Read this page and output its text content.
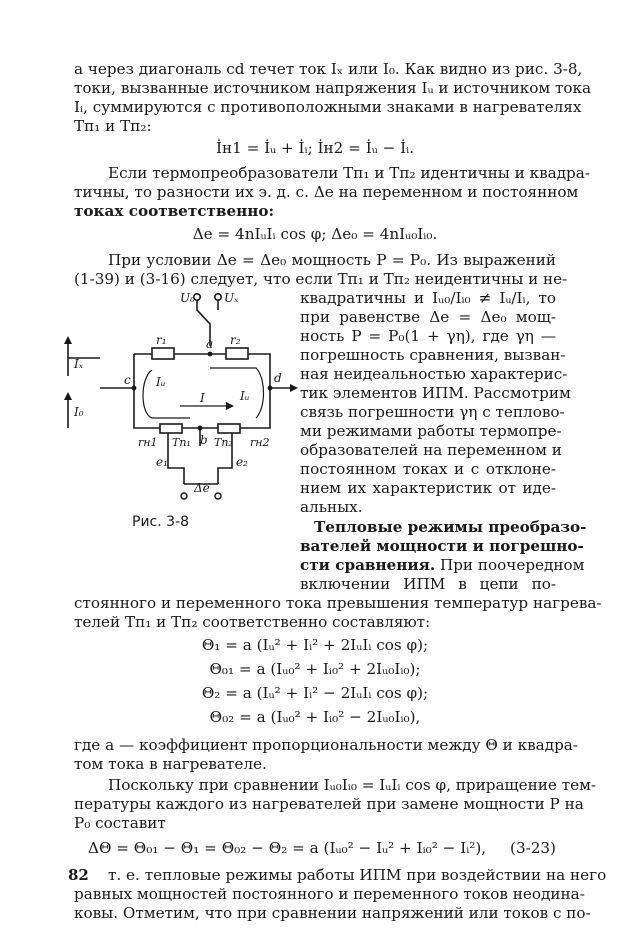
а через диагональ cd течет ток Iₓ или I₀. Как видно из рис. 3-8,
токи, вызванные источником напряжения Iᵤ и источником тока
Iᵢ, суммируются с противоположными знаками в нагревателях
Тп₁ и Тп₂:
İн1 = İᵤ + İᵢ; İн2 = İᵤ − İᵢ.
Если термопреобразователи Тп₁ и Тп₂ идентичны и квадра-
тичны, то разности их э. д. с. Δe на переменном и постоянном
токах соответственно:
Δe = 4nIᵤIᵢ cos φ; Δe₀ = 4nIᵤ₀Iᵢ₀.
При условии Δe = Δe₀ мощность P = P₀. Из выражений
(1-39) и (3-16) следует, что если Тп₁ и Тп₂ неидентичны и не-
квадратичны и Iᵤ₀/Iᵢ₀ ≠ Iᵤ/Iᵢ, то
при равенстве Δe = Δe₀ мощ-
ность P = P₀(1 + γη), где γη —
погрешность сравнения, вызван-
ная неидеальностью характерис-
тик элементов ИПМ. Рассмотрим
связь погрешности γη с теплово-
ми режимами работы термопре-
образователей на переменном и
постоянном токах и с отклоне-
нием их характеристик от иде-
альных.
Тепловые режимы преобразо-
вателей мощности и погрешно-
сти сравнения. При поочередном
включении ИПМ в цепи по-
стоянного и переменного тока превышения температур нагрева-
телей Тп₁ и Тп₂ соответственно составляют:
Θ₁ = a (Iᵤ² + Iᵢ² + 2IᵤIᵢ cos φ);
Θ₀₁ = a (Iᵤ₀² + Iᵢ₀² + 2Iᵤ₀Iᵢ₀);
Θ₂ = a (Iᵤ² + Iᵢ² − 2IᵤIᵢ cos φ);
Θ₀₂ = a (Iᵤ₀² + Iᵢ₀² − 2Iᵤ₀Iᵢ₀),
где a — коэффициент пропорциональности между Θ и квадра-
том тока в нагревателе.
Поскольку при сравнении Iᵤ₀Iᵢ₀ = IᵤIᵢ cos φ, приращение тем-
пературы каждого из нагревателей при замене мощности P на
P₀ составит
ΔΘ = Θ₀₁ − Θ₁ = Θ₀₂ − Θ₂ = a (Iᵤ₀² − Iᵤ² + Iᵢ₀² − Iᵢ²), (3-23)
т. е. тепловые режимы работы ИПМ при воздействии на него
равных мощностей постоянного и переменного токов неодина-
ковы. Отметим, что при сравнении напряжений или токов с по-
U₀ Uₓ
r₁	r₂
a
c	d
Iₓ
I₀
Iᵤ
Iᵤ
I
b
rн1	rн2
Тп₁ Тп₂
e₁	e₂
Δe
Рис. 3-8
82
